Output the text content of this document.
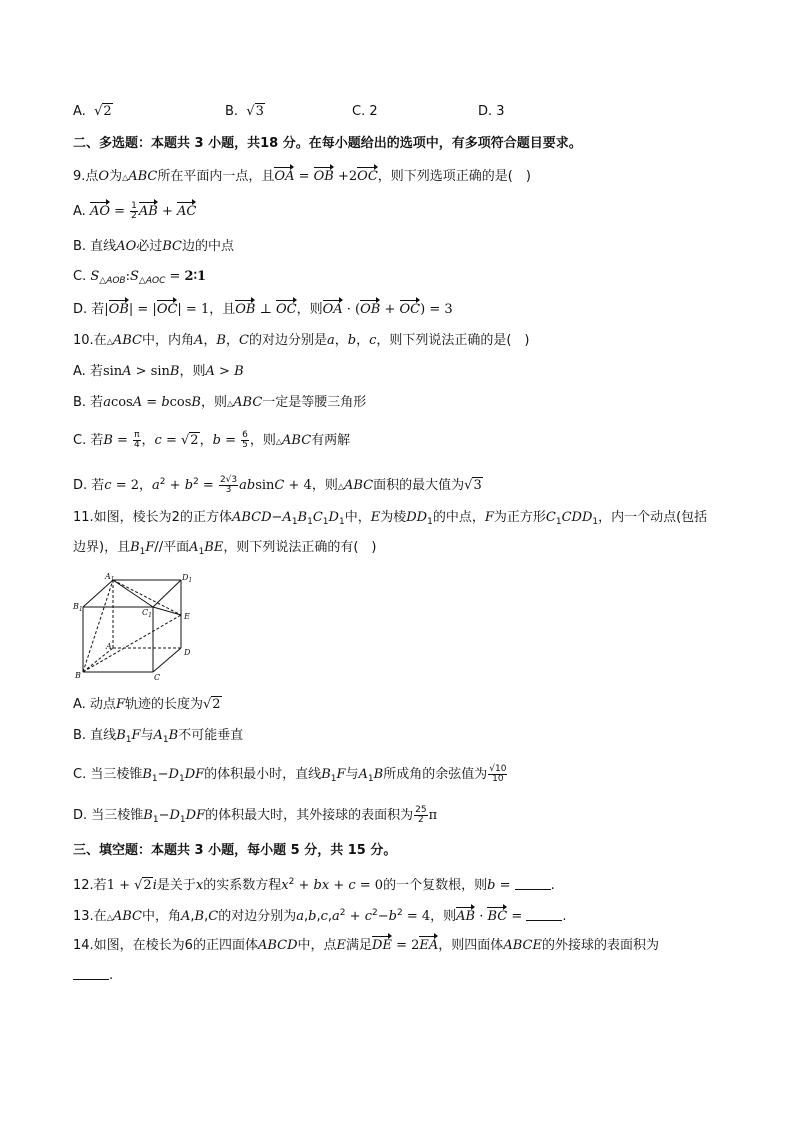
A. √2	B. √3	C. 2	D. 3
二、多选题：本题共 3 小题，共18 分。在每小题给出的选项中，有多项符合题目要求。
9.点O为△ABC所在平面内一点，且OA = OB +2OC，则下列选项正确的是(　)
A. AO = $\frac{1}{2}$ AB + AC
B. 直线AO必过BC边的中点
C. $S_{\triangle AOB}:S_{\triangle AOC}$ = 2∶1
D. 若|OB| = |OC| = 1，且OB ⊥ OC，则OA · (OB + OC) = 3
10.在△ABC中，内角A，B，C的对边分别是a，b，c，则下列说法正确的是(　)
A. 若sinA > sinB，则A > B
B. 若acosA = bcosB，则△ABC一定是等腰三角形
C. 若$B = \frac{\pi}{4}$ ，c = √2，$b = \frac{6}{5}$ ，则△ABC有两解
D. 若c = 2，$a^2 + b^2 = \frac{2√3}{3}$ absinC + 4，则△ABC面积的最大值为√3
11.如图，棱长为2的正方体$ABCD-A_1B_1C_1D_1$中，E为棱$DD_1$的中点，F为正方形$C_1CDD_1$，内一个动点(包括
边界)，且$B_1F//$平面$A_1BE$，则下列说法正确的有(　)
$A_1$	$D_1$
$B_1$	$C_1$	E
A
D
B	C
A. 动点F轨迹的长度为√2
B. 直线$B_1F$与$A_1B$不可能垂直
C. 当三棱锥$B_1-D_1DF$的体积最小时，直线$B_1F$与$A_1B$所成角的余弦值为 $\frac{√10}{10}$
D. 当三棱锥$B_1-D_1DF$的体积最大时，其外接球的表面积为 $\frac{25}{2}$ π
三、填空题：本题共 3 小题，每小题 5 分，共 15 分。
12.若1 + √2i是关于x的实系数方程$x^2$ + bx + c = 0的一个复数根，则b =	.
13.在△ABC中，角A,B,C的对边分别为$a,b,c,a^2 + c^2-b^2 = 4$，则AB · BC =	.
14.如图，在棱长为6的正四面体ABCD中，点E满足DE = 2EA，则四面体ABCE的外接球的表面积为
.
